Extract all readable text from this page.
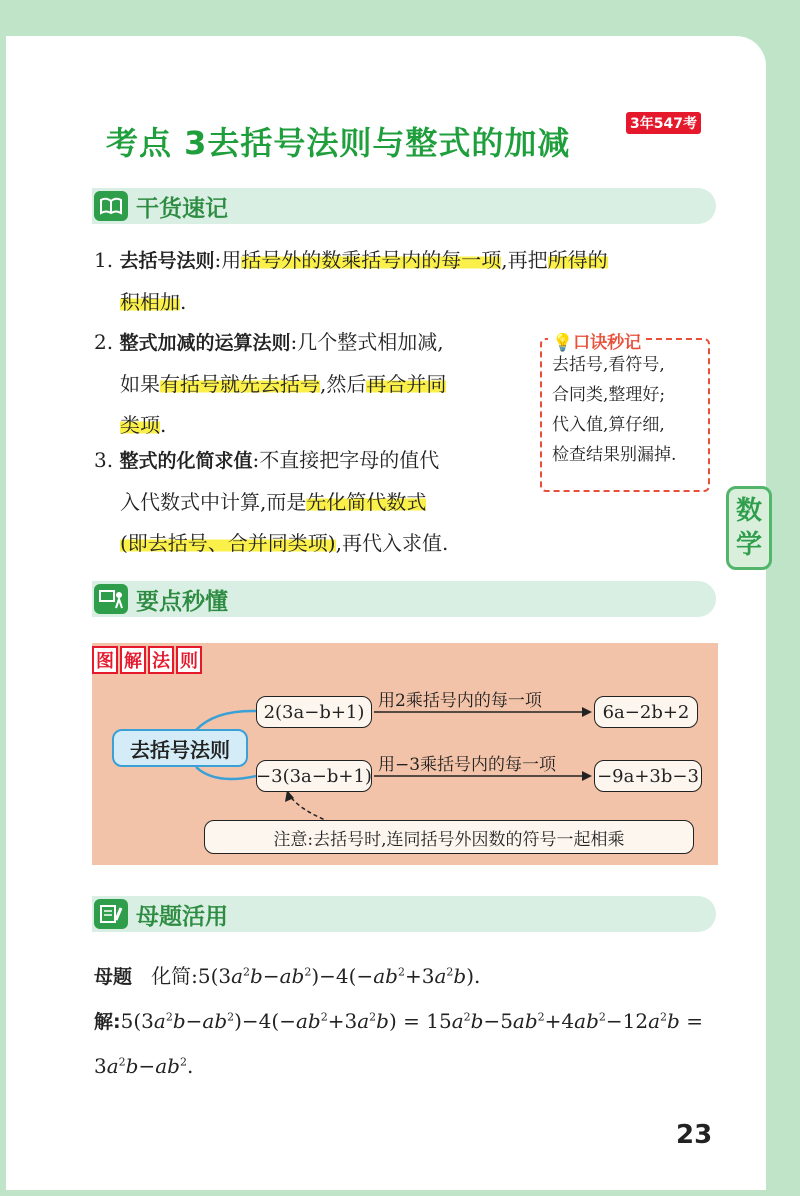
数
学
考点 3 去括号法则与整式的加减	3年547考
干货速记
1. 去括号法则:用括号外的数乘括号内的每一项,再把所得的
积相加.
2. 整式加减的运算法则:几个整式相加减,
如果有括号就先去括号,然后再合并同
类项.
3. 整式的化简求值:不直接把字母的值代
入代数式中计算,而是先化简代数式
(即去括号、合并同类项),再代入求值.
去括号,看符号,
合同类,整理好;
代入值,算仔细,
检查结果别漏掉.
💡口诀秒记
要点秒懂
图 解 法 则
去括号法则
2(3a−b+1)
用2乘括号内的每一项
6a−2b+2
−3(3a−b+1)
用−3乘括号内的每一项
−9a+3b−3
注意:去括号时,连同括号外因数的符号一起相乘
母题活用
母题 化简$:5(3a^2b-ab^2)-4(-ab^2+3a^2b)$.
解$:5(3a^2b-ab^2)-4(-ab^2+3a^2b) = 15a^2b-5ab^2+4ab^2-12a^2b$ =
$3a^2b-ab^2$.
23
